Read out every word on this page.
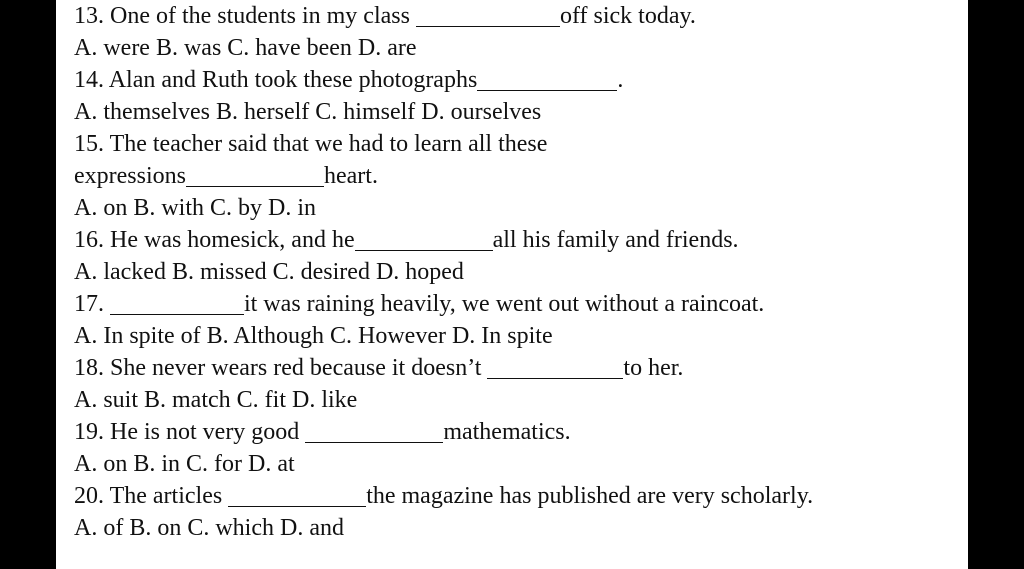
13. One of the students in my class	off sick today.
A. were B. was C. have been D. are
14. Alan and Ruth took these photographs	.
A. themselves B. herself C. himself D. ourselves
15. The teacher said that we had to learn all these
expressions	heart.
A. on B. with C. by D. in
16. He was homesick, and he	all his family and friends.
A. lacked B. missed C. desired D. hoped
17.	it was raining heavily, we went out without a raincoat.
A. In spite of B. Although C. However D. In spite
18. She never wears red because it doesn’t	to her.
A. suit B. match C. fit D. like
19. He is not very good	mathematics.
A. on B. in C. for D. at
20. The articles	the magazine has published are very scholarly.
A. of B. on C. which D. and
